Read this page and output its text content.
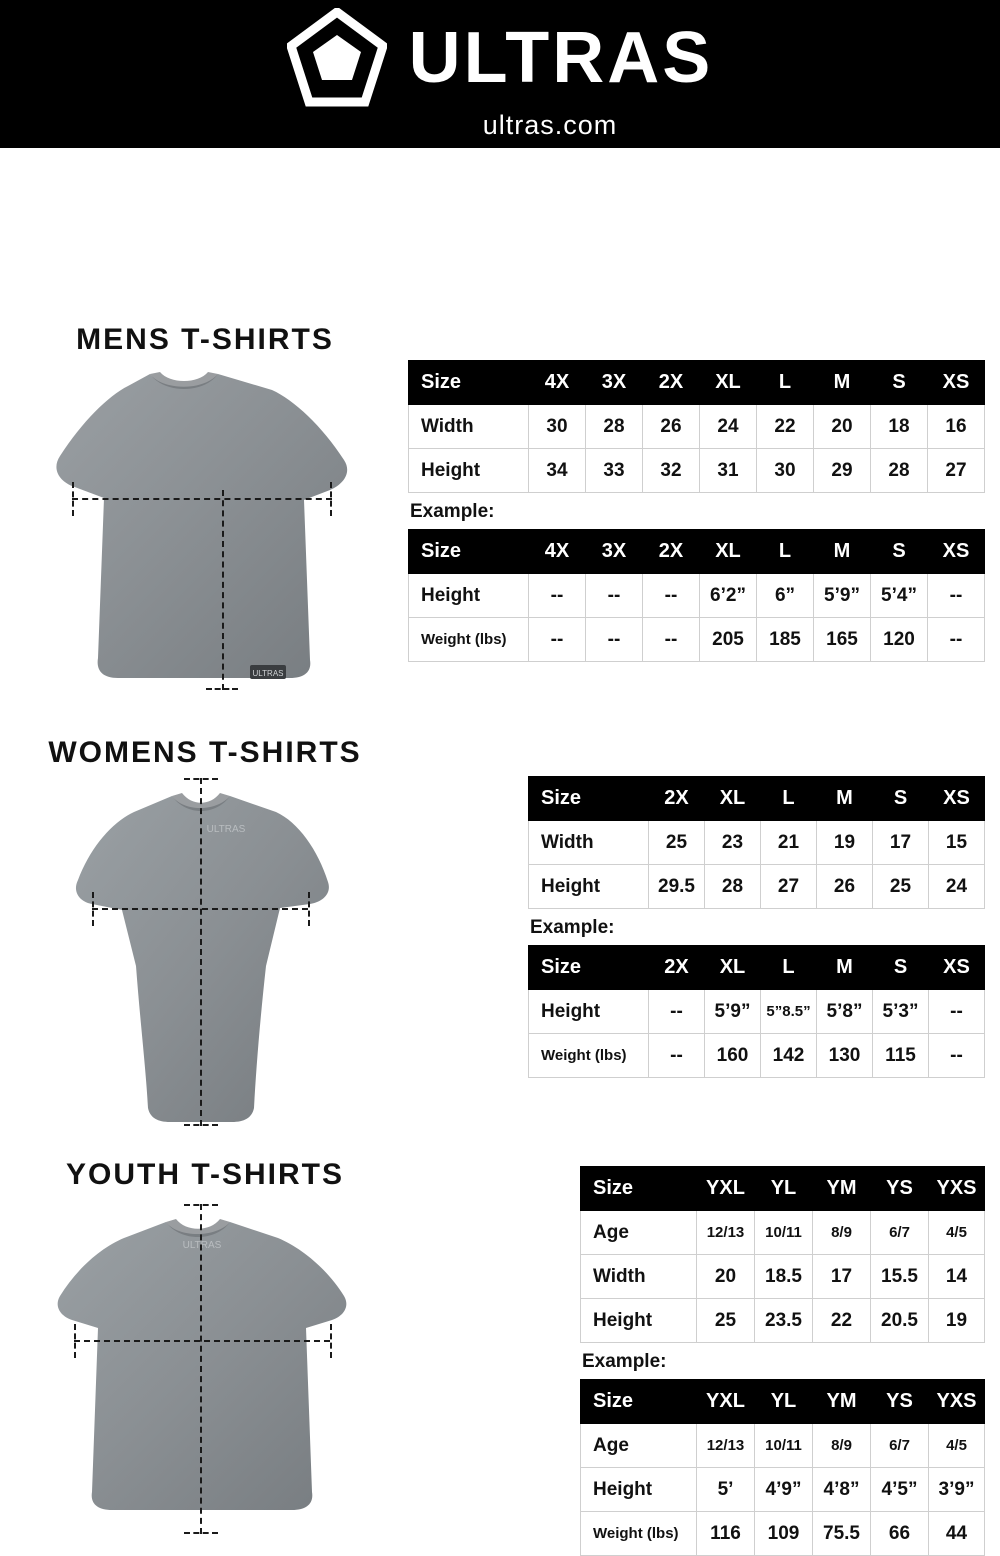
ULTRAS
ultras.com
MENS T-SHIRTS
ULTRAS
Size	4X	3X	2X	XL	L	M	S	XS
Width	30	28	26	24	22	20	18	16
Height	34	33	32	31	30	29	28	27
Example:
Size	4X	3X	2X	XL	L	M	S	XS
Height	--	--	--	6’2”	6”	5’9”	5’4”	--
Weight (lbs)	--	--	--	205	185	165	120	--
WOMENS T-SHIRTS
ULTRAS
Size	2X	XL	L	M	S	XS
Width	25	23	21	19	17	15
Height	29.5	28	27	26	25	24
Example:
Size	2X	XL	L	M	S	XS
Height	--	5’9”	5”8.5”	5’8”	5’3”	--
Weight (lbs)	--	160	142	130	115	--
YOUTH T-SHIRTS
ULTRAS
Size	YXL	YL	YM	YS	YXS
Age	12/13	10/11	8/9	6/7	4/5
Width	20	18.5	17	15.5	14
Height	25	23.5	22	20.5	19
Example:
Size	YXL	YL	YM	YS	YXS
Age	12/13	10/11	8/9	6/7	4/5
Height	5’	4’9”	4’8”	4’5”	3’9”
Weight (lbs)	116	109	75.5	66	44
